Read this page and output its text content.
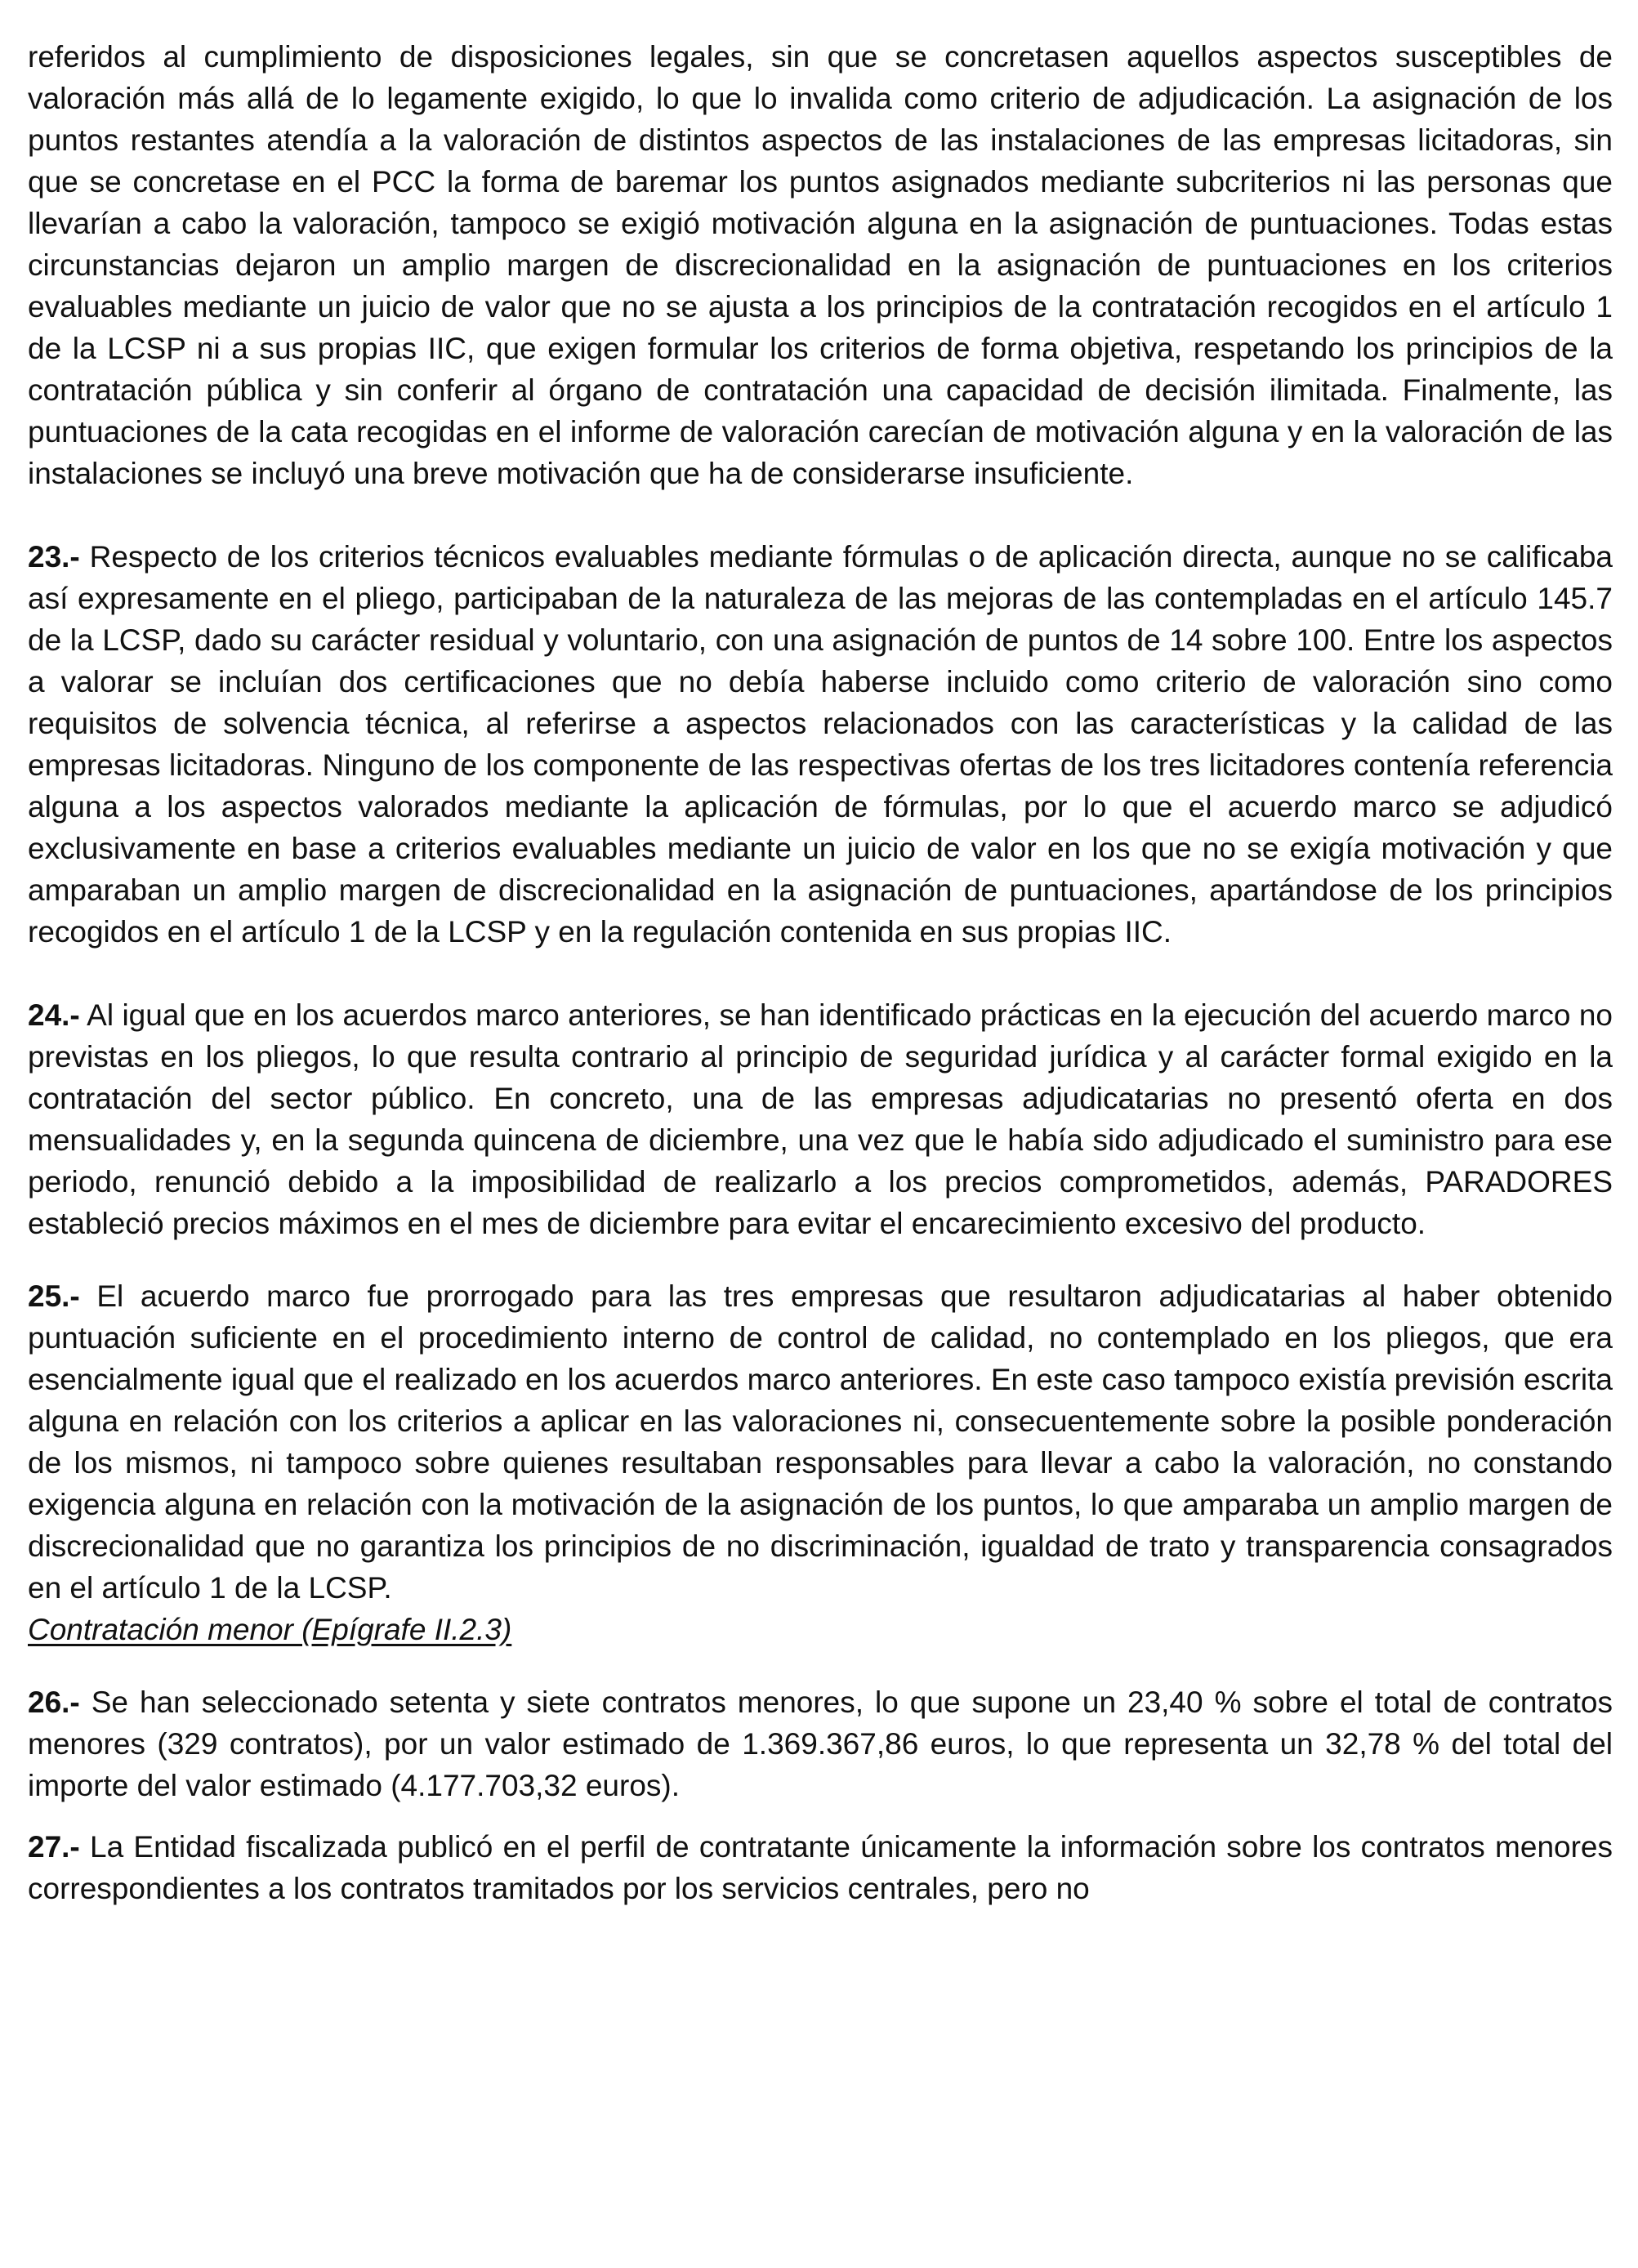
referidos al cumplimiento de disposiciones legales, sin que se concretasen aquellos aspectos susceptibles de valoración más allá de lo legamente exigido, lo que lo invalida como criterio de adjudicación. La asignación de los puntos restantes atendía a la valoración de distintos aspectos de las instalaciones de las empresas licitadoras, sin que se concretase en el PCC la forma de baremar los puntos asignados mediante subcriterios ni las personas que llevarían a cabo la valoración, tampoco se exigió motivación alguna en la asignación de puntuaciones. Todas estas circunstancias dejaron un amplio margen de discrecionalidad en la asignación de puntuaciones en los criterios evaluables mediante un juicio de valor que no se ajusta a los principios de la contratación recogidos en el artículo 1 de la LCSP ni a sus propias IIC, que exigen formular los criterios de forma objetiva, respetando los principios de la contratación pública y sin conferir al órgano de contratación una capacidad de decisión ilimitada. Finalmente, las puntuaciones de la cata recogidas en el informe de valoración carecían de motivación alguna y en la valoración de las instalaciones se incluyó una breve motivación que ha de considerarse insuficiente.

23.- Respecto de los criterios técnicos evaluables mediante fórmulas o de aplicación directa, aunque no se calificaba así expresamente en el pliego, participaban de la naturaleza de las mejoras de las contempladas en el artículo 145.7 de la LCSP, dado su carácter residual y voluntario, con una asignación de puntos de 14 sobre 100. Entre los aspectos a valorar se incluían dos certificaciones que no debía haberse incluido como criterio de valoración sino como requisitos de solvencia técnica, al referirse a aspectos relacionados con las características y la calidad de las empresas licitadoras. Ninguno de los componente de las respectivas ofertas de los tres licitadores contenía referencia alguna a los aspectos valorados mediante la aplicación de fórmulas, por lo que el acuerdo marco se adjudicó exclusivamente en base a criterios evaluables mediante un juicio de valor en los que no se exigía motivación y que amparaban un amplio margen de discrecionalidad en la asignación de puntuaciones, apartándose de los principios recogidos en el artículo 1 de la LCSP y en la regulación contenida en sus propias IIC.

24.- Al igual que en los acuerdos marco anteriores, se han identificado prácticas en la ejecución del acuerdo marco no previstas en los pliegos, lo que resulta contrario al principio de seguridad jurídica y al carácter formal exigido en la contratación del sector público. En concreto, una de las empresas adjudicatarias no presentó oferta en dos mensualidades y, en la segunda quincena de diciembre, una vez que le había sido adjudicado el suministro para ese periodo, renunció debido a la imposibilidad de realizarlo a los precios comprometidos, además, PARADORES estableció precios máximos en el mes de diciembre para evitar el encarecimiento excesivo del producto.

25.- El acuerdo marco fue prorrogado para las tres empresas que resultaron adjudicatarias al haber obtenido puntuación suficiente en el procedimiento interno de control de calidad, no contemplado en los pliegos, que era esencialmente igual que el realizado en los acuerdos marco anteriores. En este caso tampoco existía previsión escrita alguna en relación con los criterios a aplicar en las valoraciones ni, consecuentemente sobre la posible ponderación de los mismos, ni tampoco sobre quienes resultaban responsables para llevar a cabo la valoración, no constando exigencia alguna en relación con la motivación de la asignación de los puntos, lo que amparaba un amplio margen de discrecionalidad que no garantiza los principios de no discriminación, igualdad de trato y transparencia consagrados en el artículo 1 de la LCSP.

Contratación menor (Epígrafe II.2.3)

26.- Se han seleccionado setenta y siete contratos menores, lo que supone un 23,40 % sobre el total de contratos menores (329 contratos), por un valor estimado de 1.369.367,86 euros, lo que representa un 32,78 % del total del importe del valor estimado (4.177.703,32 euros).

27.- La Entidad fiscalizada publicó en el perfil de contratante únicamente la información sobre los contratos menores correspondientes a los contratos tramitados por los servicios centrales, pero no
